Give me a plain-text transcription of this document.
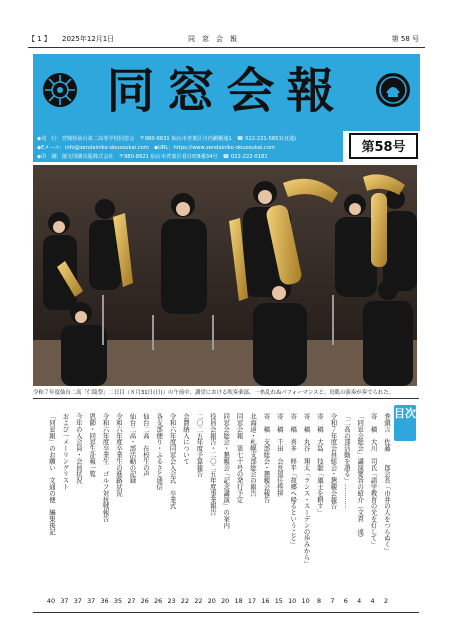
【 1 】 2025年12月1日	同　窓　会　報	第 58 号
同窓会報
◆発　行：宮城県仙台第二高等学校同窓会　〒980-8631 仙台市青葉区川内澱橋通1　☎ 022-221-5651(直通)
◆Eメール：info@zendainiko-dousoukai.com　◆URL：https://www.zendainiko-dousoukai.com
◆印　刷：創文印刷出版株式会社　〒980-8621 仙台市青葉区春日町8番34号　☎ 022-222-0181
第58号
令和７年度仙台二高「仁陵祭」二日目（８月31日(日)）の午前中、講堂における吹奏楽部、一糸乱れぬパフォーマンスと、鳥肌の演奏が奏でられた。
目次
巻頭言　佐藤　　郎会長「市井の人をつらぬく」
2
寄　稿　大川　司氏「語学教育の光を灯して」
4
「同窓会総会」講演要旨の紹介（文責　遠）
4
「二高の部活動を語る」…………
6
令和７年度会員総会・懇親会報告
7
寄　稿　大島　技聡「風土を耕す」
8
寄　稿　丸谷　翔太「ランス・スーデンの歩みから」
10
寄　稿　喜多　修平「故郷へ帰るということ」
10
寄　稿　千田　会長退任挨拶
15
寄　稿　支部総会・懇親会報告
16
北海道・札幌支部総会の報告
17
同窓会報　第七十号の発行予定
18
同窓会総会・懇親会「記念講演」の案内
20
役員会報告・二〇二五年度事業報告
20
二〇二五年度予算報告
22
会費納入について
22
令和六年度同窓会入会式　卒業式
23
各支部便り・ふるさと通信
26
仙台二高　在校生の声
26
仙台二高・部活動の記録
27
令和六年度卒業生の進路状況
35
令和六年度卒業生　ゴルフ対抗戦報告
36
恩師・同窓生訃報一覧
37
今年の入会員・会員状況
37
および一メーリングリスト
37
「同窓報」のお願い　文通の便　編集後記
40
